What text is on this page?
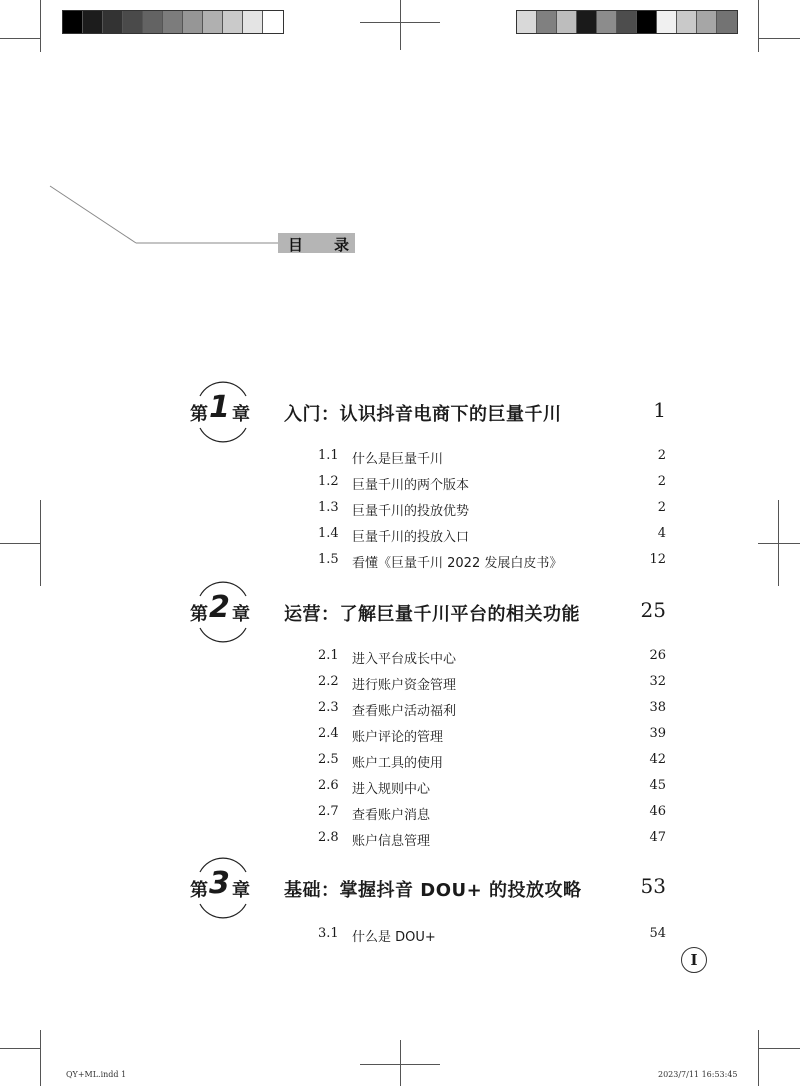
目 录
第 1 章 入门：认识抖音电商下的巨量千川	1
1.1 什么是巨量千川	2
1.2 巨量千川的两个版本	2
1.3 巨量千川的投放优势	2
1.4 巨量千川的投放入口	4
1.5 看懂《巨量千川 2022 发展白皮书》	12
第 2 章 运营：了解巨量千川平台的相关功能	25
2.1 进入平台成长中心	26
2.2 进行账户资金管理	32
2.3 查看账户活动福利	38
2.4 账户评论的管理	39
2.5 账户工具的使用	42
2.6 进入规则中心	45
2.7 查看账户消息	46
2.8 账户信息管理	47
第 3 章 基础：掌握抖音 DOU+ 的投放攻略	53
3.1 什么是 DOU+	54
I
QY+ML.indd 1	2023/7/11 16:53:45
